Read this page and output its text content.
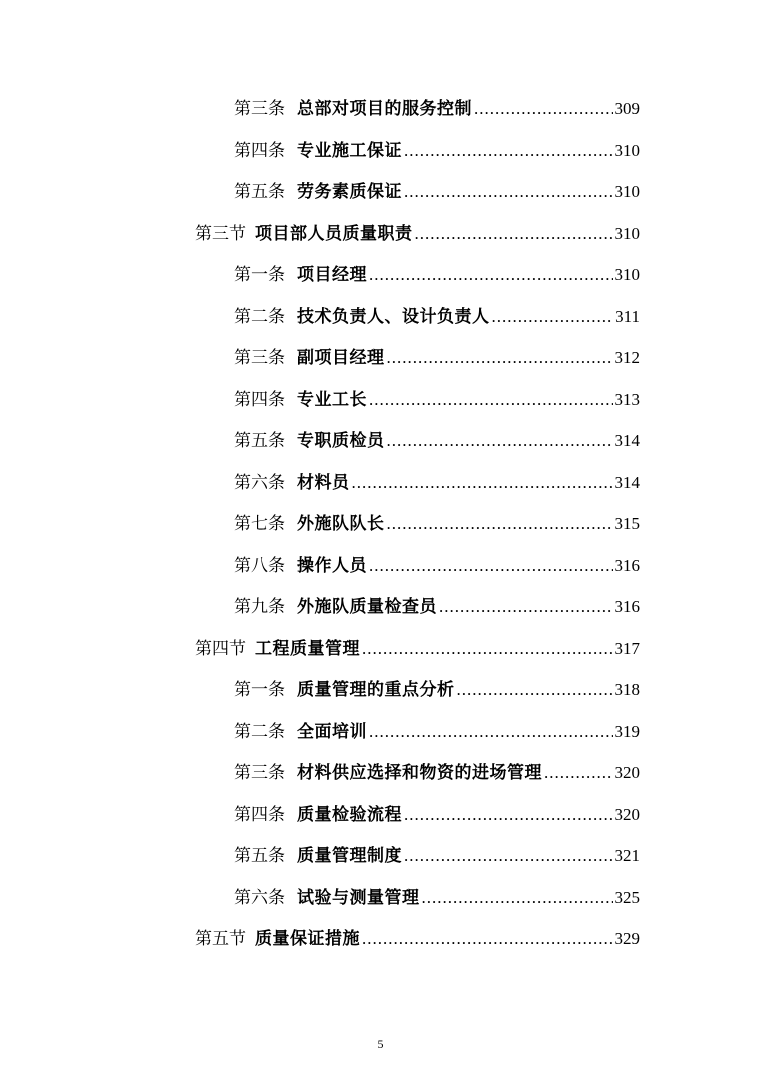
第三条 总部对项目的服务控制 .....	309
第四条 专业施工保证 .....	310
第五条 劳务素质保证 .....	310
第三节 项目部人员质量职责 .....	310
第一条 项目经理 .....	310
第二条 技术负责人、设计负责人 .....	311
第三条 副项目经理 .....	312
第四条 专业工长 .....	313
第五条 专职质检员 .....	314
第六条 材料员 .....	314
第七条 外施队队长 .....	315
第八条 操作人员 .....	316
第九条 外施队质量检查员 .....	316
第四节 工程质量管理 .....	317
第一条 质量管理的重点分析 .....	318
第二条 全面培训 .....	319
第三条 材料供应选择和物资的进场管理 .....	320
第四条 质量检验流程 .....	320
第五条 质量管理制度 .....	321
第六条 试验与测量管理 .....	325
第五节 质量保证措施 .....	329
5
